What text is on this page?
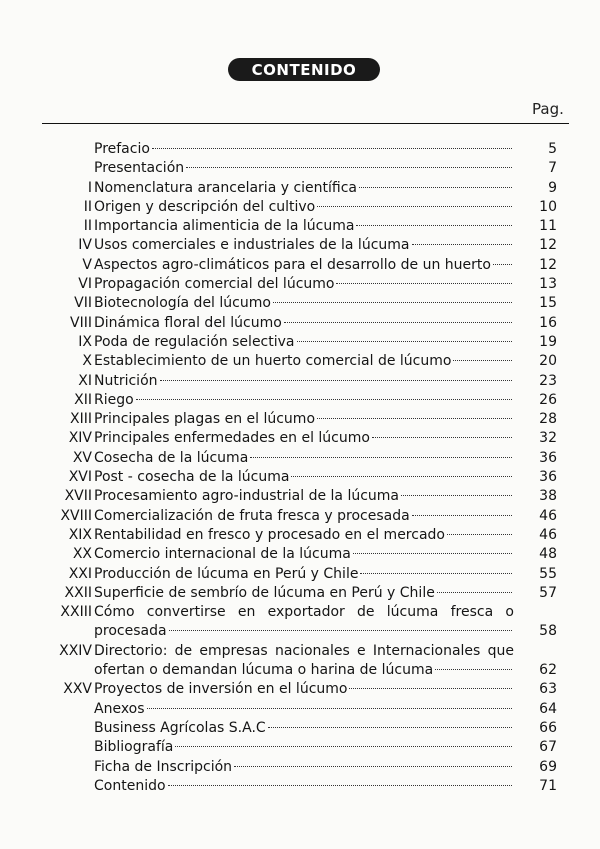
CONTENIDO
Pag.
Prefacio	5
Presentación	7
I Nomenclatura arancelaria y científica	9
II Origen y descripción del cultivo	10
II Importancia alimenticia de la lúcuma	11
IV Usos comerciales e industriales de la lúcuma	12
V Aspectos agro-climáticos para el desarrollo de un huerto	12
VI Propagación comercial del lúcumo	13
VII Biotecnología del lúcumo	15
VIII Dinámica floral del lúcumo	16
IX Poda de regulación selectiva	19
X Establecimiento de un huerto comercial de lúcumo	20
XI Nutrición	23
XII Riego	26
XIII Principales plagas en el lúcumo	28
XIV Principales enfermedades en el lúcumo	32
XV Cosecha de la lúcuma	36
XVI Post - cosecha de la lúcuma	36
XVII Procesamiento agro-industrial de la lúcuma	38
XVIII Comercialización de fruta fresca y procesada	46
XIX Rentabilidad en fresco y procesado en el mercado	46
XX Comercio internacional de la lúcuma	48
XXI Producción de lúcuma en Perú y Chile	55
XXII Superficie de sembrío de lúcuma en Perú y Chile	57
XXIII Cómo convertirse en exportador de lúcuma fresca o
procesada	58
XXIV Directorio: de empresas nacionales e Internacionales que
ofertan o demandan lúcuma o harina de lúcuma	62
XXV Proyectos de inversión en el lúcumo	63
Anexos	64
Business Agrícolas S.A.C	66
Bibliografía	67
Ficha de Inscripción	69
Contenido	71
